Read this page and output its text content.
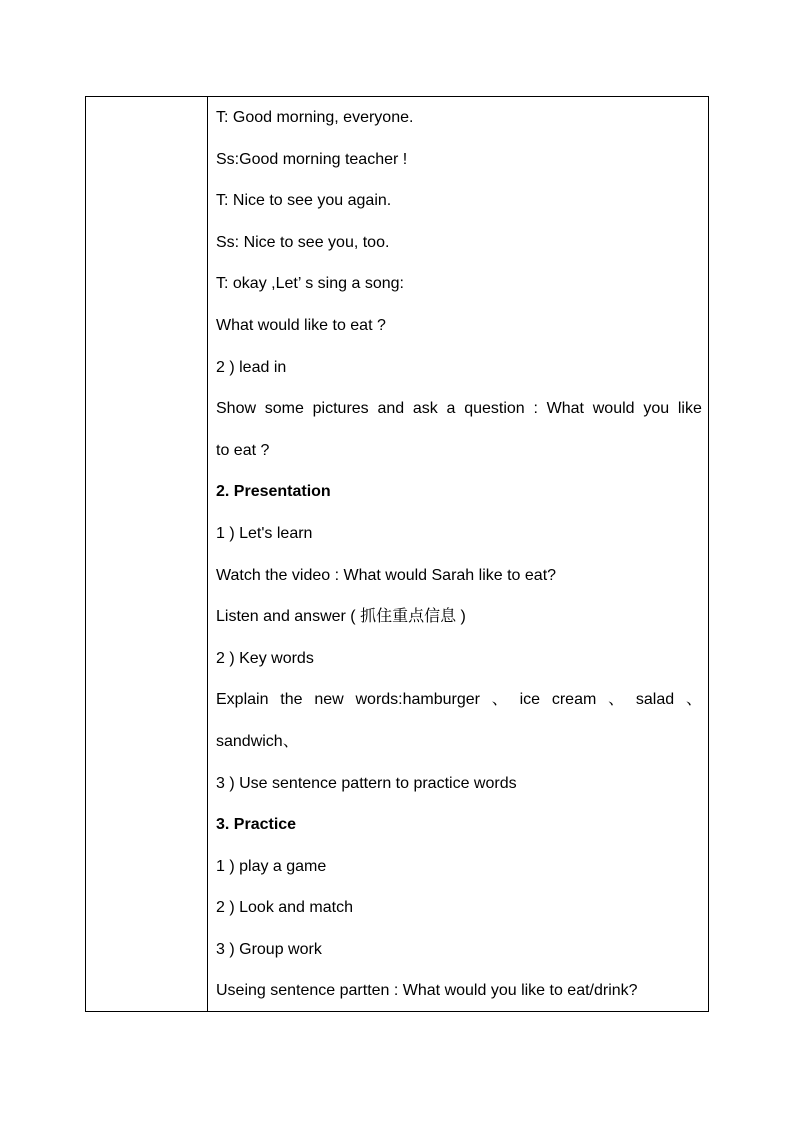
T: Good morning, everyone.
Ss:Good morning teacher !
T: Nice to see you again.
Ss: Nice to see you, too.
T: okay ,Let’ s sing a song:
What would like to eat ?
2 ) lead in
Show some pictures and ask a question : What would you like
to eat ?
2. Presentation
1 ) Let's learn
Watch the video : What would Sarah like to eat?
Listen and answer ( 抓住重点信息 )
2 ) Key words
Explain the new words:hamburger 、 ice cream 、 salad 、
sandwich、
3 ) Use sentence pattern to practice words
3. Practice
1 ) play a game
2 ) Look and match
3 ) Group work
Useing sentence partten : What would you like to eat/drink?
